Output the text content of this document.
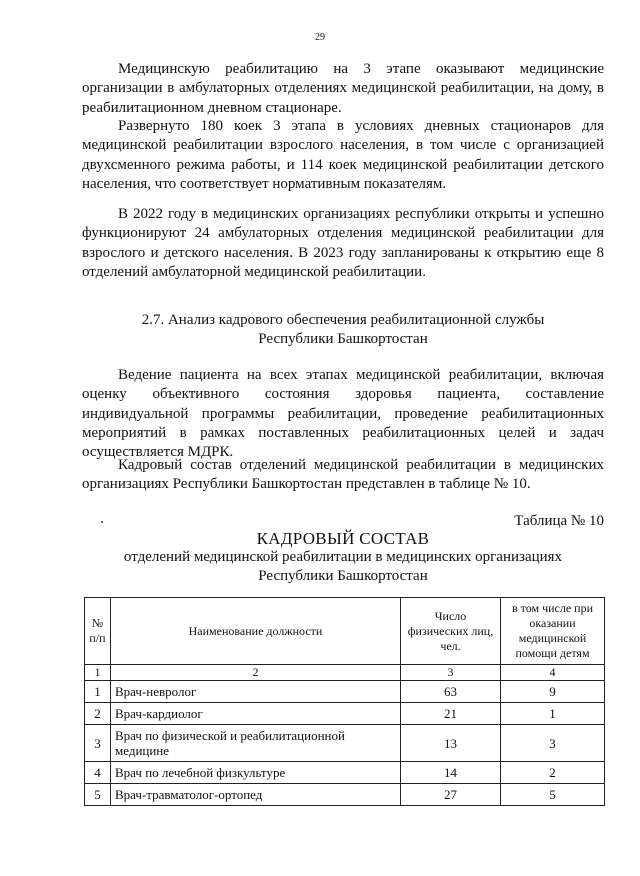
29

Медицинскую реабилитацию на 3 этапе оказывают медицинские организации в амбулаторных отделениях медицинской реабилитации, на дому, в реабилитационном дневном стационаре.

Развернуто 180 коек 3 этапа в условиях дневных стационаров для медицинской реабилитации взрослого населения, в том числе с организацией двухсменного режима работы, и 114 коек медицинской реабилитации детского населения, что соответствует нормативным показателям.

В 2022 году в медицинских организациях республики открыты и успешно функционируют 24 амбулаторных отделения медицинской реабилитации для взрослого и детского населения. В 2023 году запланированы к открытию еще 8 отделений амбулаторной медицинской реабилитации.

2.7. Анализ кадрового обеспечения реабилитационной службы
Республики Башкортостан

Ведение пациента на всех этапах медицинской реабилитации, включая оценку объективного состояния здоровья пациента, составление индивидуальной программы реабилитации, проведение реабилитационных мероприятий в рамках поставленных реабилитационных целей и задач осуществляется МДРК.

Кадровый состав отделений медицинской реабилитации в медицинских организациях Республики Башкортостан представлен в таблице № 10.

Таблица № 10
КАДРОВЫЙ СОСТАВ
отделений медицинской реабилитации в медицинских организациях
Республики Башкортостан
№ п/п	Наименование должности	Число физических лиц, чел.	в том числе при оказании медицинской помощи детям
1	2	3	4
1	Врач-невролог	63	9
2	Врач-кардиолог	21	1
3	Врач по физической и реабилитационной медицине	13	3
4	Врач по лечебной физкультуре	14	2
5	Врач-травматолог-ортопед	27	5
